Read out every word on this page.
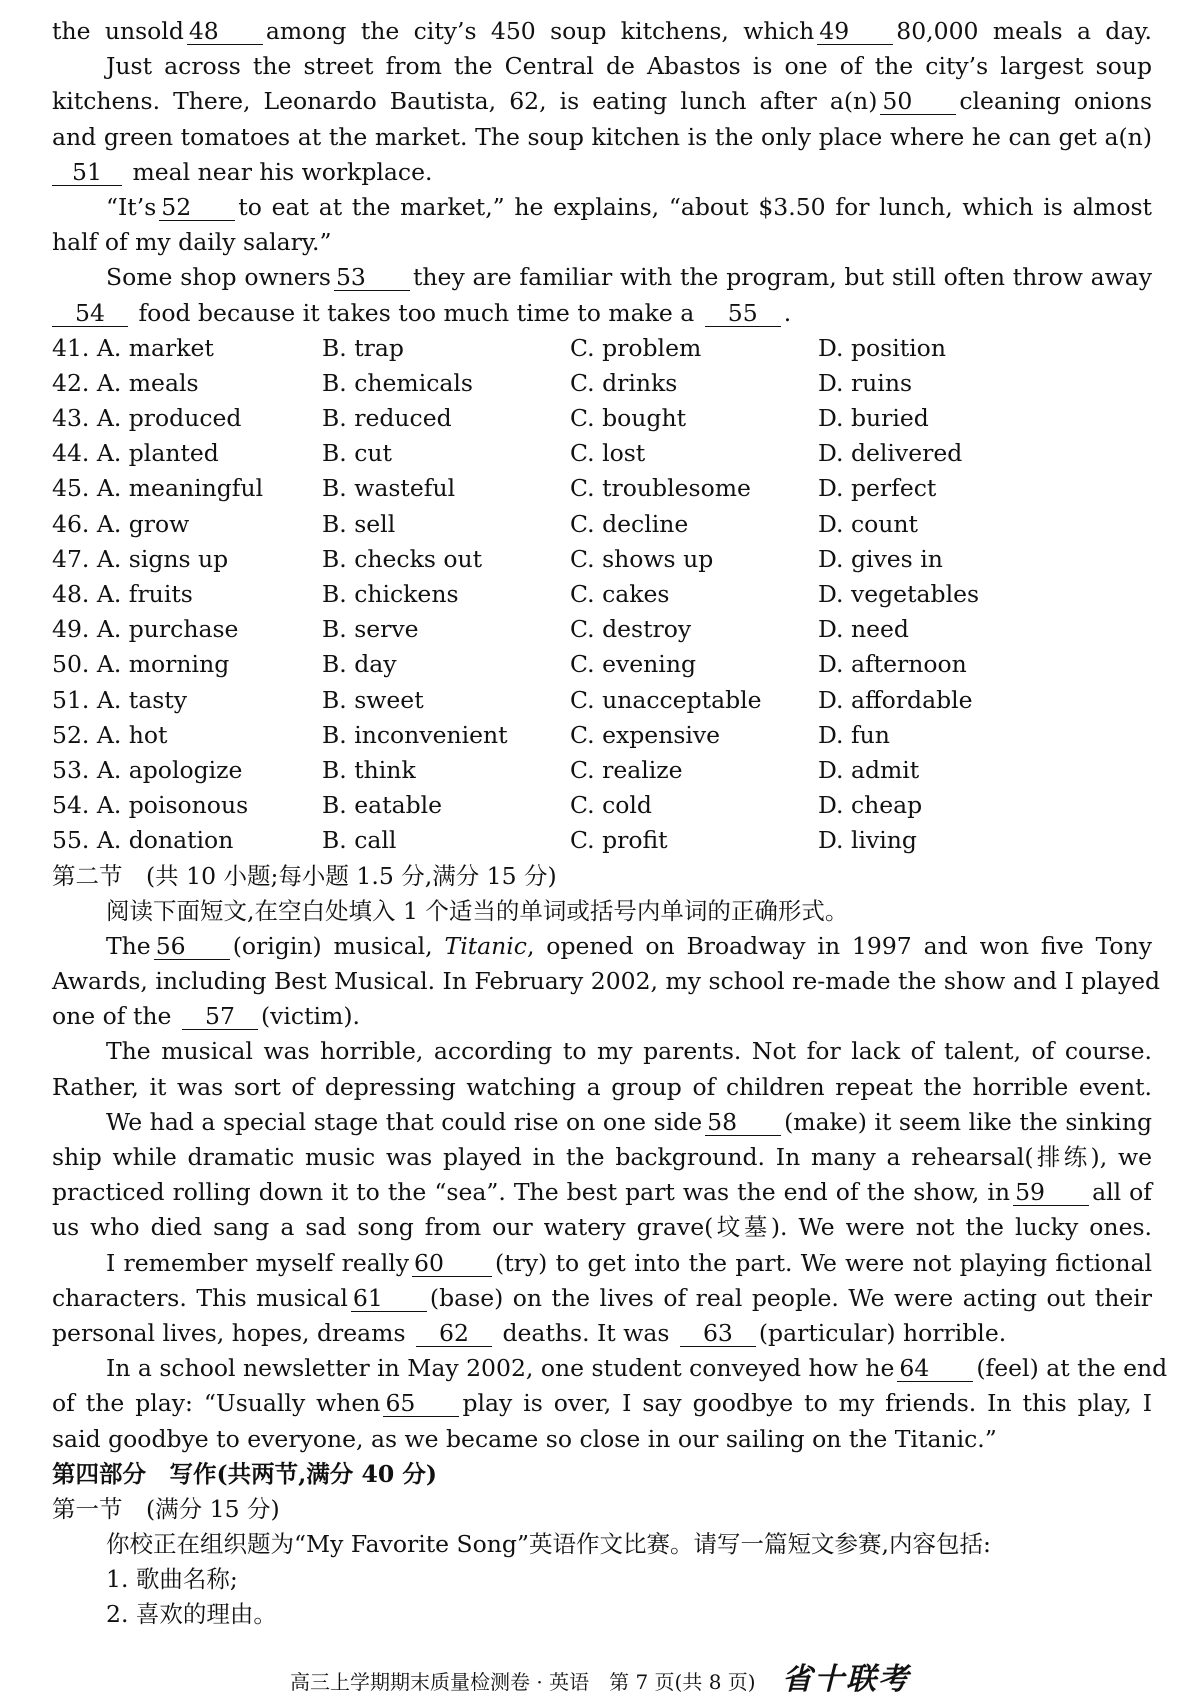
the unsold 48 among the city’s 450 soup kitchens, which 49 80,000 meals a day.
Just across the street from the Central de Abastos is one of the city’s largest soup
kitchens. There, Leonardo Bautista, 62, is eating lunch after a(n) 50 cleaning onions
and green tomatoes at the market. The soup kitchen is the only place where he can get a(n)
51 meal near his workplace.
“It’s 52 to eat at the market,” he explains, “about $3.50 for lunch, which is almost
half of my daily salary.”
Some shop owners 53 they are familiar with the program, but still often throw away
54 food because it takes too much time to make a 55 .
41. A. market	B. trap	C. problem	D. position
42. A. meals	B. chemicals	C. drinks	D. ruins
43. A. produced	B. reduced	C. bought	D. buried
44. A. planted	B. cut	C. lost	D. delivered
45. A. meaningful	B. wasteful	C. troublesome	D. perfect
46. A. grow	B. sell	C. decline	D. count
47. A. signs up	B. checks out	C. shows up	D. gives in
48. A. fruits	B. chickens	C. cakes	D. vegetables
49. A. purchase	B. serve	C. destroy	D. need
50. A. morning	B. day	C. evening	D. afternoon
51. A. tasty	B. sweet	C. unacceptable	D. affordable
52. A. hot	B. inconvenient	C. expensive	D. fun
53. A. apologize	B. think	C. realize	D. admit
54. A. poisonous	B. eatable	C. cold	D. cheap
55. A. donation	B. call	C. profit	D. living
第二节　(共 10 小题;每小题 1.5 分,满分 15 分)
阅读下面短文,在空白处填入 1 个适当的单词或括号内单词的正确形式。
The 56 (origin) musical, Titanic, opened on Broadway in 1997 and won five Tony
Awards, including Best Musical. In February 2002, my school re-made the show and I played
one of the 57 (victim).
The musical was horrible, according to my parents. Not for lack of talent, of course.
Rather, it was sort of depressing watching a group of children repeat the horrible event.
We had a special stage that could rise on one side 58 (make) it seem like the sinking
ship while dramatic music was played in the background. In many a rehearsal(排练), we
practiced rolling down it to the “sea”. The best part was the end of the show, in 59 all of
us who died sang a sad song from our watery grave(坟墓). We were not the lucky ones.
I remember myself really 60 (try) to get into the part. We were not playing fictional
characters. This musical 61 (base) on the lives of real people. We were acting out their
personal lives, hopes, dreams 62 deaths. It was 63 (particular) horrible.
In a school newsletter in May 2002, one student conveyed how he 64 (feel) at the end
of the play: “Usually when 65 play is over, I say goodbye to my friends. In this play, I
said goodbye to everyone, as we became so close in our sailing on the Titanic.”
第四部分　写作(共两节,满分 40 分)
第一节　(满分 15 分)
你校正在组织题为“My Favorite Song”英语作文比赛。请写一篇短文参赛,内容包括:
1. 歌曲名称;
2. 喜欢的理由。
高三上学期期末质量检测卷 · 英语　第 7 页(共 8 页) 省十联考
